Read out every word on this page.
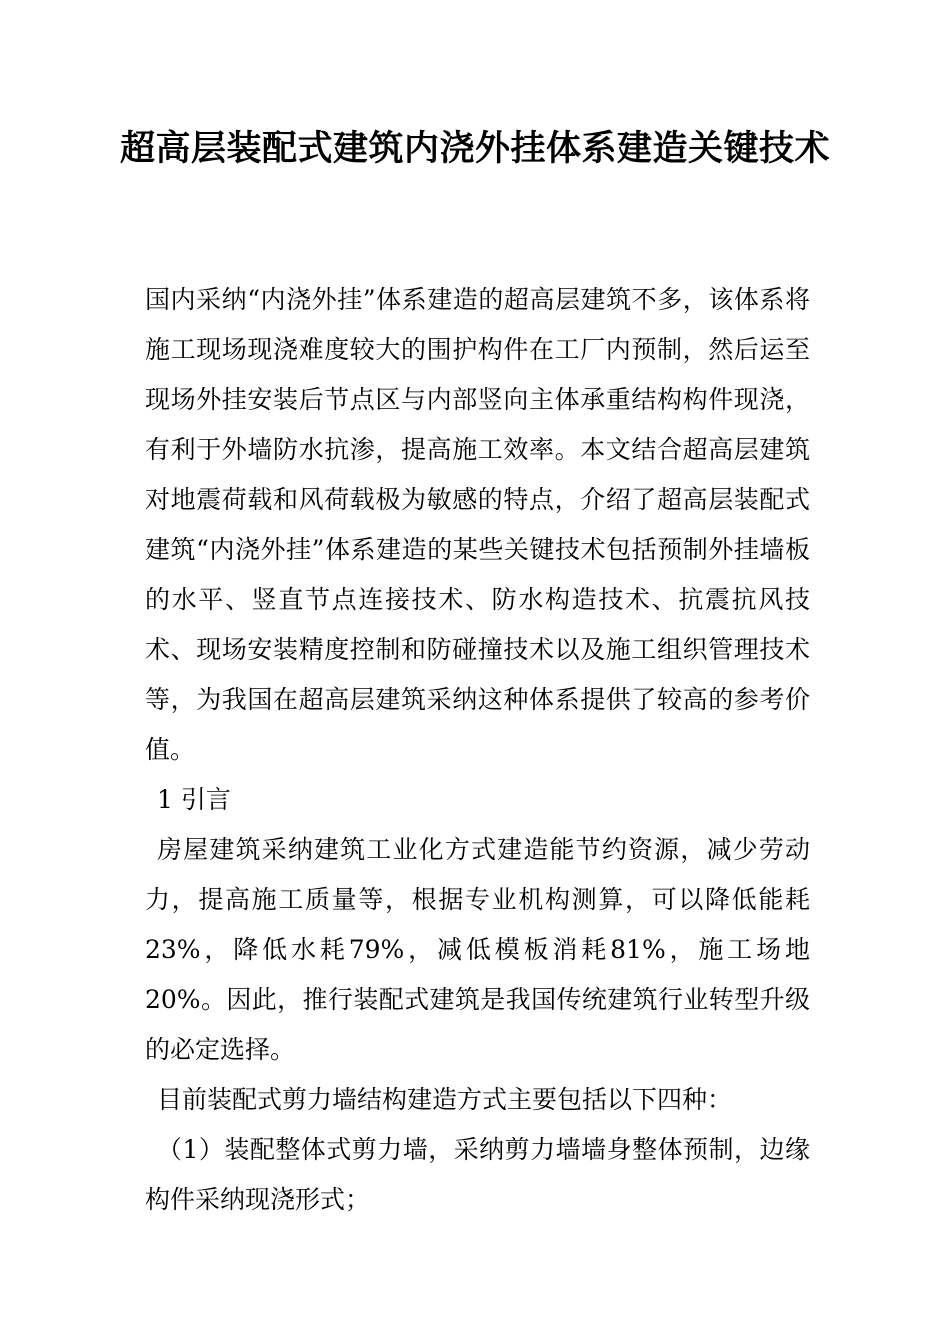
超高层装配式建筑内浇外挂体系建造关键技术

国内采纳“内浇外挂”体系建造的超高层建筑不多，该体系将施工现场现浇难度较大的围护构件在工厂内预制，然后运至现场外挂安装后节点区与内部竖向主体承重结构构件现浇，有利于外墙防水抗渗，提高施工效率。本文结合超高层建筑对地震荷载和风荷载极为敏感的特点，介绍了超高层装配式建筑“内浇外挂”体系建造的某些关键技术包括预制外挂墙板的水平、竖直节点连接技术、防水构造技术、抗震抗风技术、现场安装精度控制和防碰撞技术以及施工组织管理技术等，为我国在超高层建筑采纳这种体系提供了较高的参考价值。

1 引言

房屋建筑采纳建筑工业化方式建造能节约资源，减少劳动力，提高施工质量等，根据专业机构测算，可以降低能耗23%，降低水耗79%，减低模板消耗81%，施工场地20%。因此，推行装配式建筑是我国传统建筑行业转型升级的必定选择。

目前装配式剪力墙结构建造方式主要包括以下四种：

（1）装配整体式剪力墙，采纳剪力墙墙身整体预制，边缘构件采纳现浇形式；
